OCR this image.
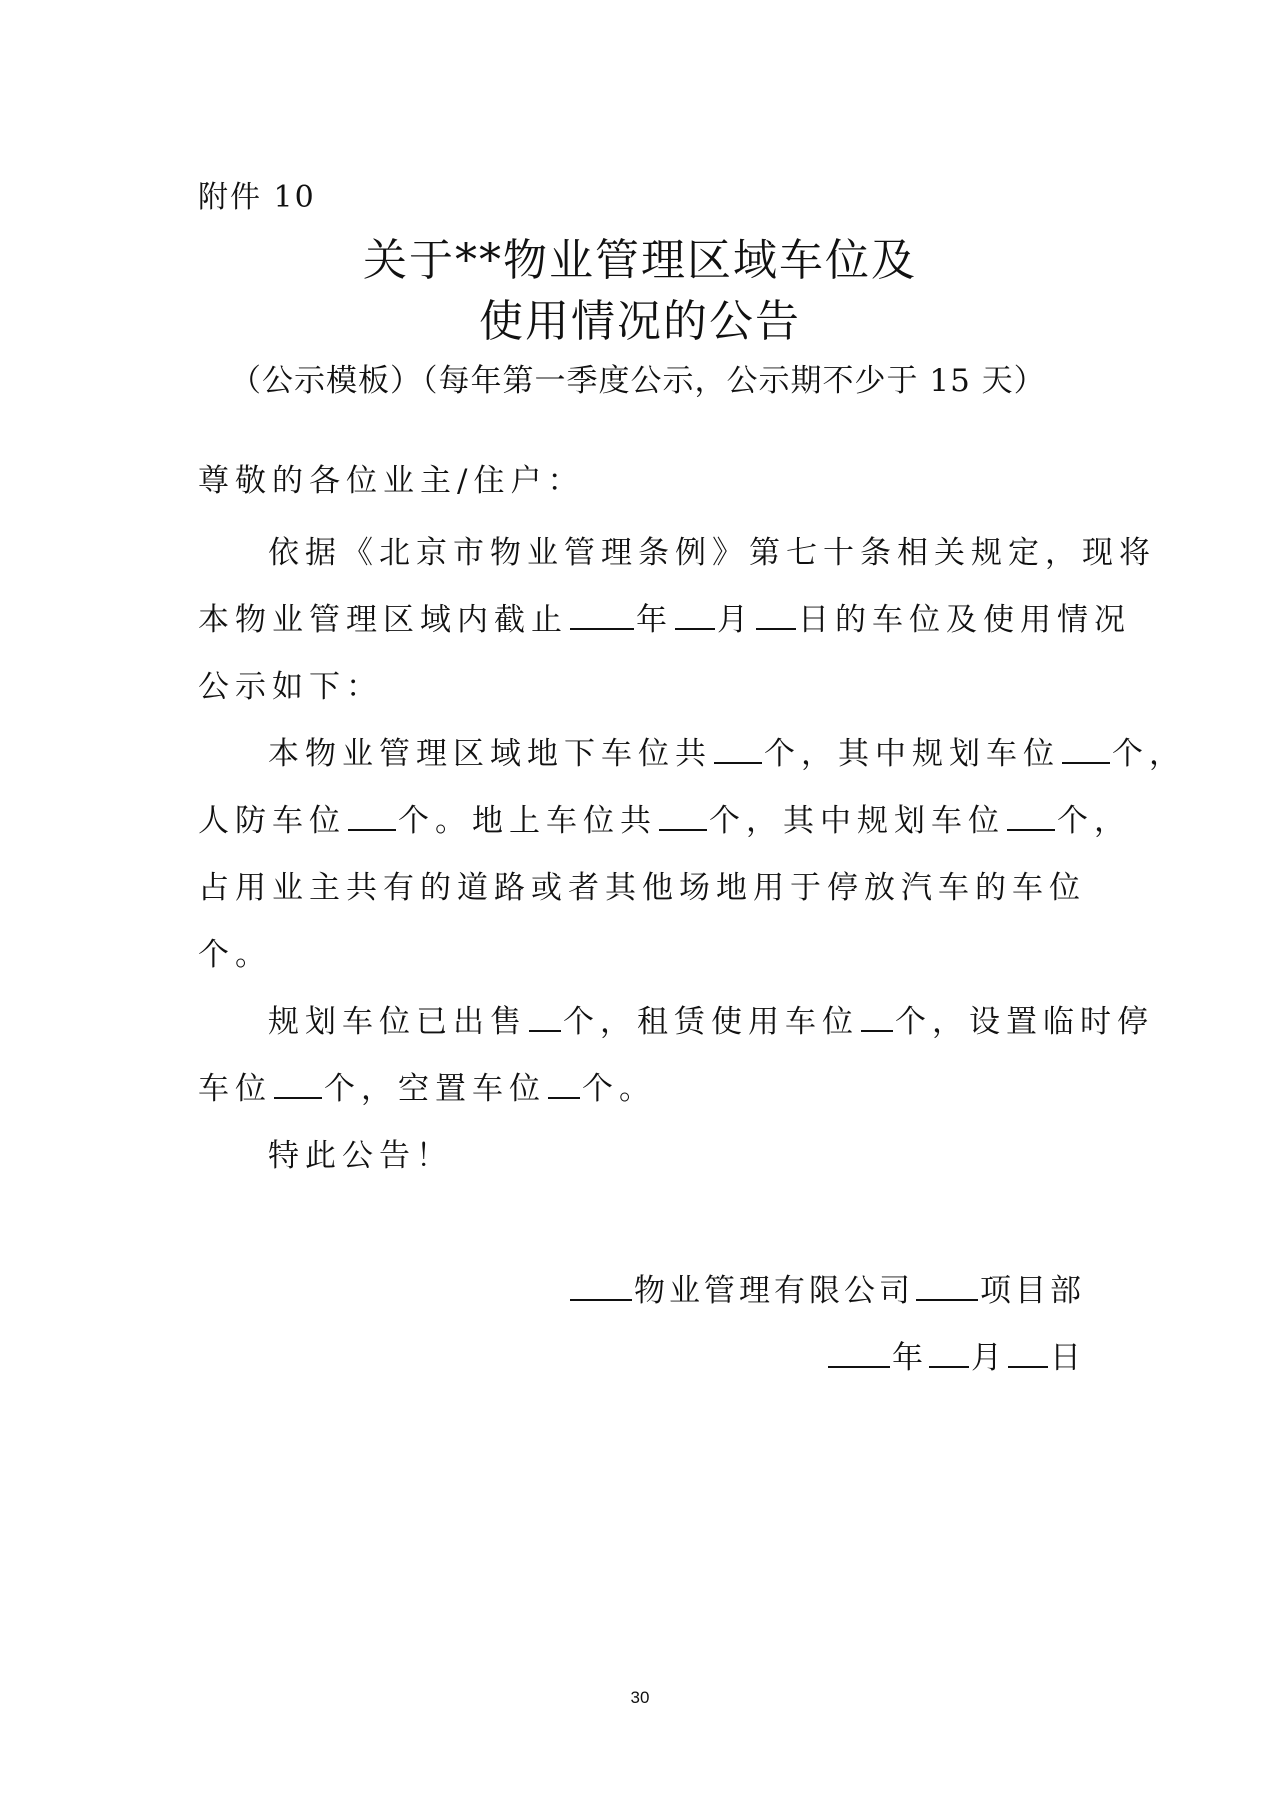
附件 10
关于**物业管理区域车位及
使用情况的公告
（公示模板）（每年第一季度公示，公示期不少于 15 天）
尊敬的各位业主/住户：
依据《北京市物业管理条例》第七十条相关规定，现将
本物业管理区域内截止 年 月 日的车位及使用情况
公示如下：
本物业管理区域地下车位共 个，其中规划车位 个，
人防车位 个。地上车位共 个，其中规划车位 个，
占用业主共有的道路或者其他场地用于停放汽车的车位
个。
规划车位已出售 个，租赁使用车位 个，设置临时停
车位 个，空置车位 个。
特此公告！
物业管理有限公司 项目部
年 月 日
30
